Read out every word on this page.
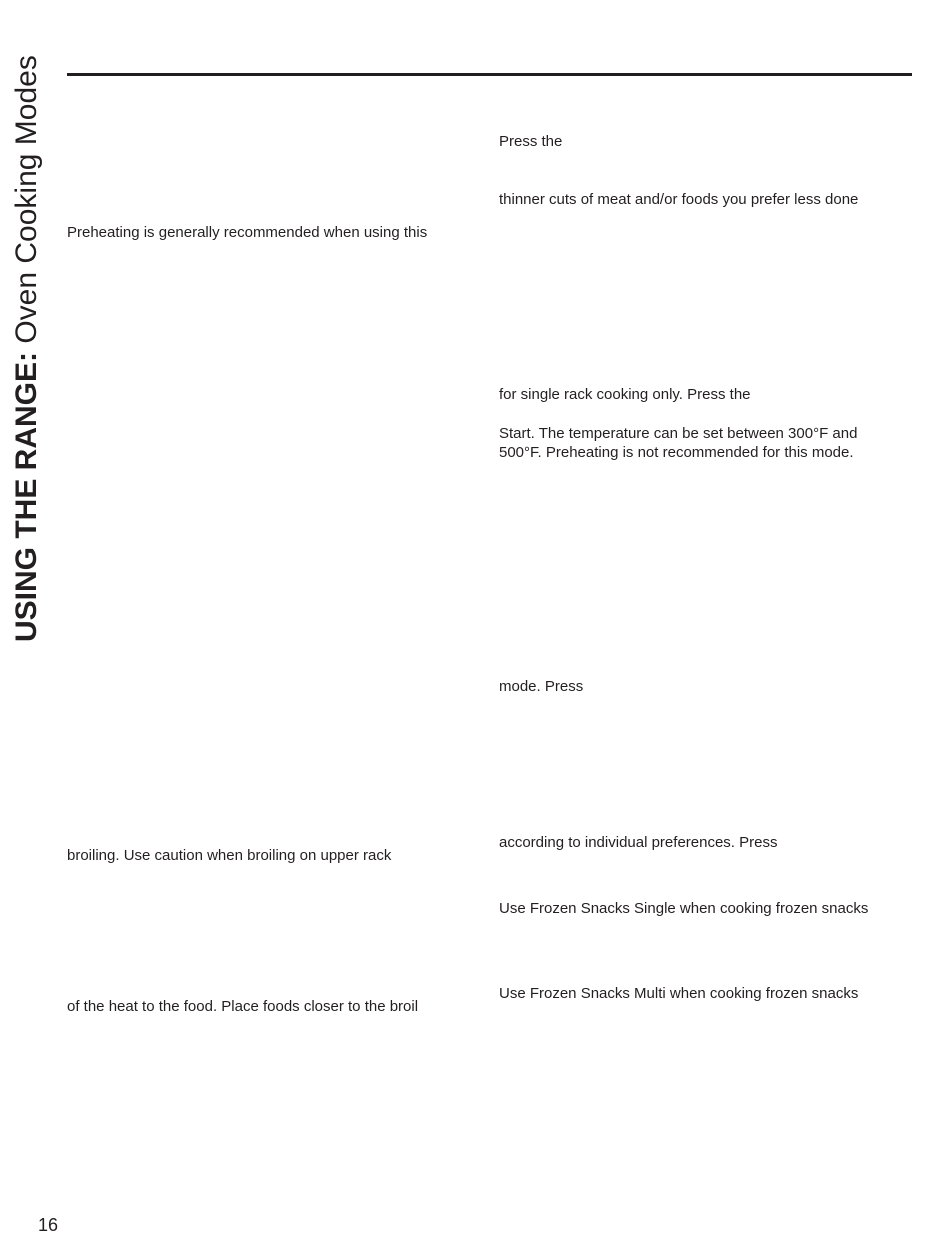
USING THE RANGE: Oven Cooking Modes Preheating is generally recommended when using this
broiling. Use caution when broiling on upper rack
of the heat to the food. Place foods closer to the broil
Press the
thinner cuts of meat and/or foods you prefer less done
for single rack cooking only. Press the
Start. The temperature can be set between 300°F and
500°F. Preheating is not recommended for this mode.
mode. Press
according to individual preferences. Press
Use Frozen Snacks Single when cooking frozen snacks
Use Frozen Snacks Multi when cooking frozen snacks
16
